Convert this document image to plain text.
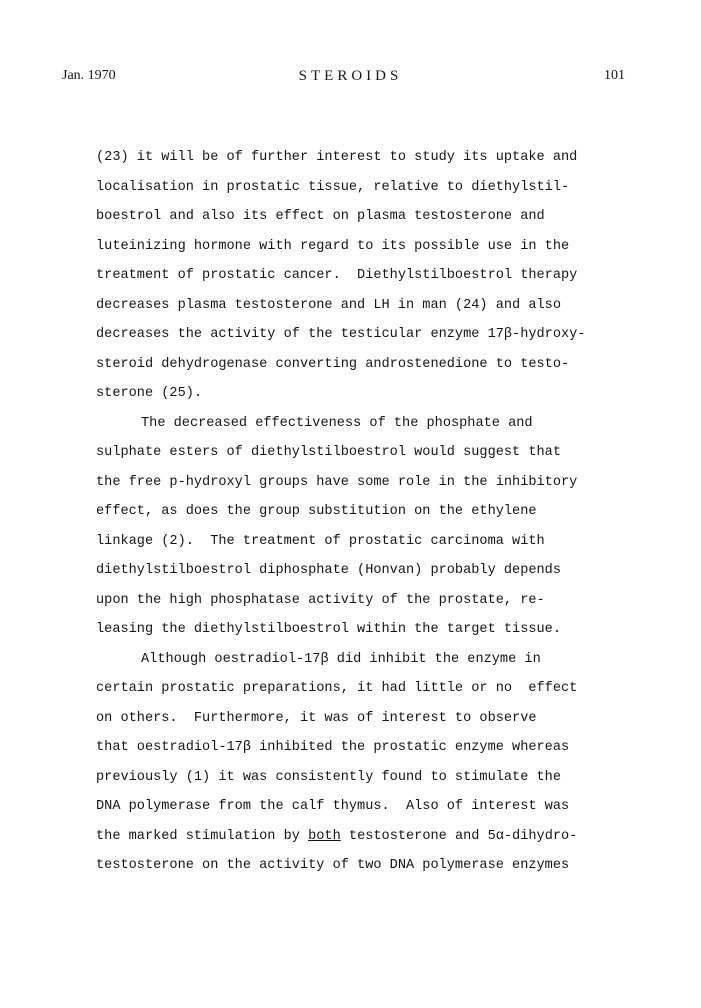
Jan. 1970	STEROIDS	101
(23) it will be of further interest to study its uptake and
localisation in prostatic tissue, relative to diethylstil-
boestrol and also its effect on plasma testosterone and
luteinizing hormone with regard to its possible use in the
treatment of prostatic cancer.  Diethylstilboestrol therapy
decreases plasma testosterone and LH in man (24) and also
decreases the activity of the testicular enzyme 17β-hydroxy-
steroid dehydrogenase converting androstenedione to testo-
sterone (25).
The decreased effectiveness of the phosphate and
sulphate esters of diethylstilboestrol would suggest that
the free p-hydroxyl groups have some role in the inhibitory
effect, as does the group substitution on the ethylene
linkage (2).  The treatment of prostatic carcinoma with
diethylstilboestrol diphosphate (Honvan) probably depends
upon the high phosphatase activity of the prostate, re-
leasing the diethylstilboestrol within the target tissue.
Although oestradiol-17β did inhibit the enzyme in
certain prostatic preparations, it had little or no  effect
on others.  Furthermore, it was of interest to observe
that oestradiol-17β inhibited the prostatic enzyme whereas
previously (1) it was consistently found to stimulate the
DNA polymerase from the calf thymus.  Also of interest was
the marked stimulation by both testosterone and 5α-dihydro-
testosterone on the activity of two DNA polymerase enzymes
